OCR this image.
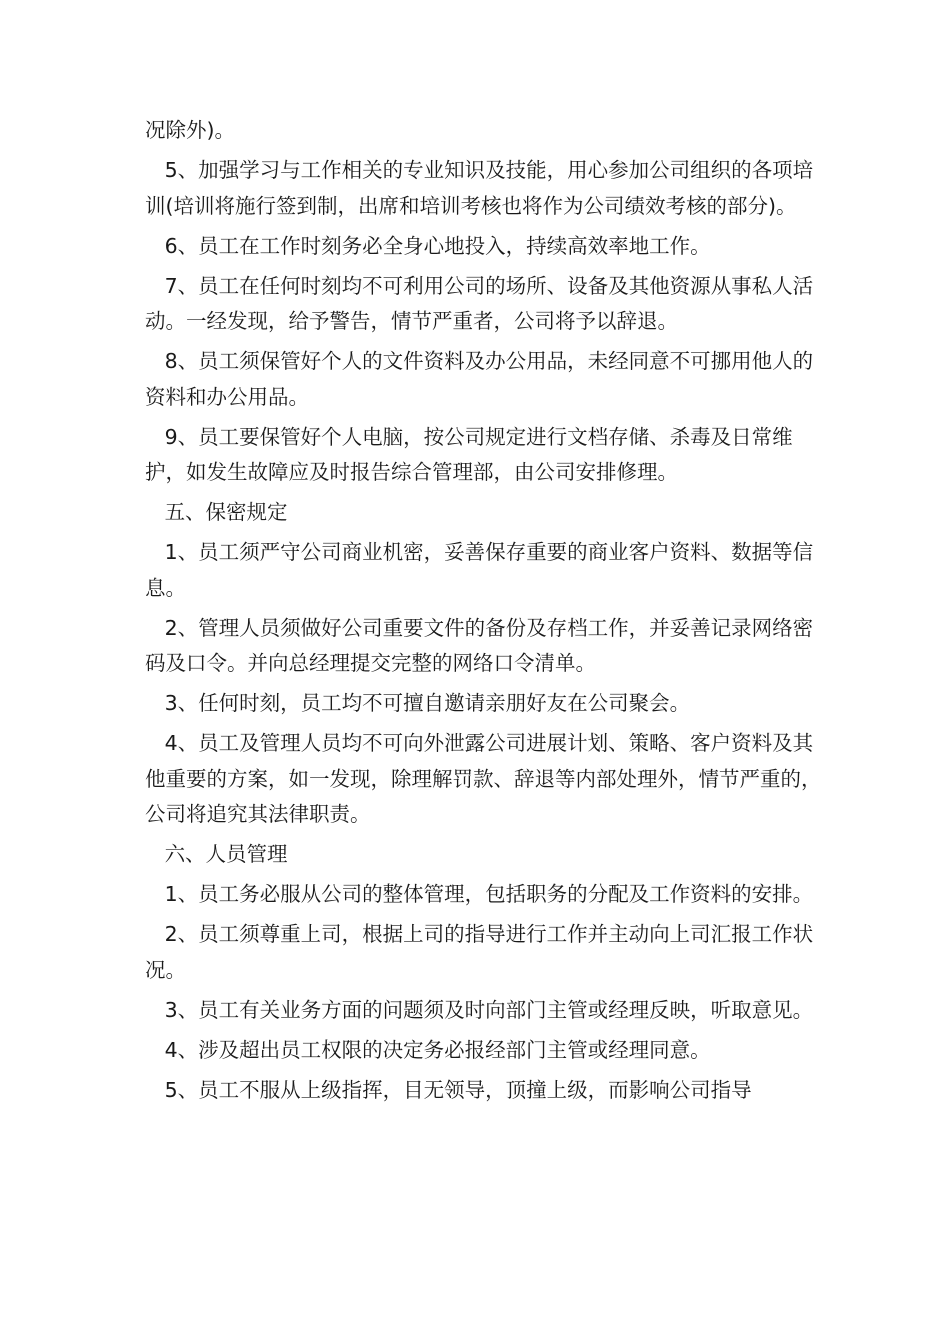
况除外)。

5、加强学习与工作相关的专业知识及技能，用心参加公司组织的各项培训(培训将施行签到制，出席和培训考核也将作为公司绩效考核的部分)。

6、员工在工作时刻务必全身心地投入，持续高效率地工作。

7、员工在任何时刻均不可利用公司的场所、设备及其他资源从事私人活动。一经发现，给予警告，情节严重者，公司将予以辞退。

8、员工须保管好个人的文件资料及办公用品，未经同意不可挪用他人的资料和办公用品。

9、员工要保管好个人电脑，按公司规定进行文档存储、杀毒及日常维护，如发生故障应及时报告综合管理部，由公司安排修理。

五、保密规定

1、员工须严守公司商业机密，妥善保存重要的商业客户资料、数据等信息。

2、管理人员须做好公司重要文件的备份及存档工作，并妥善记录网络密码及口令。并向总经理提交完整的网络口令清单。

3、任何时刻，员工均不可擅自邀请亲朋好友在公司聚会。

4、员工及管理人员均不可向外泄露公司进展计划、策略、客户资料及其他重要的方案，如一发现，除理解罚款、辞退等内部处理外，情节严重的，公司将追究其法律职责。

六、人员管理

1、员工务必服从公司的整体管理，包括职务的分配及工作资料的安排。

2、员工须尊重上司，根据上司的指导进行工作并主动向上司汇报工作状况。

3、员工有关业务方面的问题须及时向部门主管或经理反映，听取意见。

4、涉及超出员工权限的决定务必报经部门主管或经理同意。

5、员工不服从上级指挥，目无领导，顶撞上级，而影响公司指导
